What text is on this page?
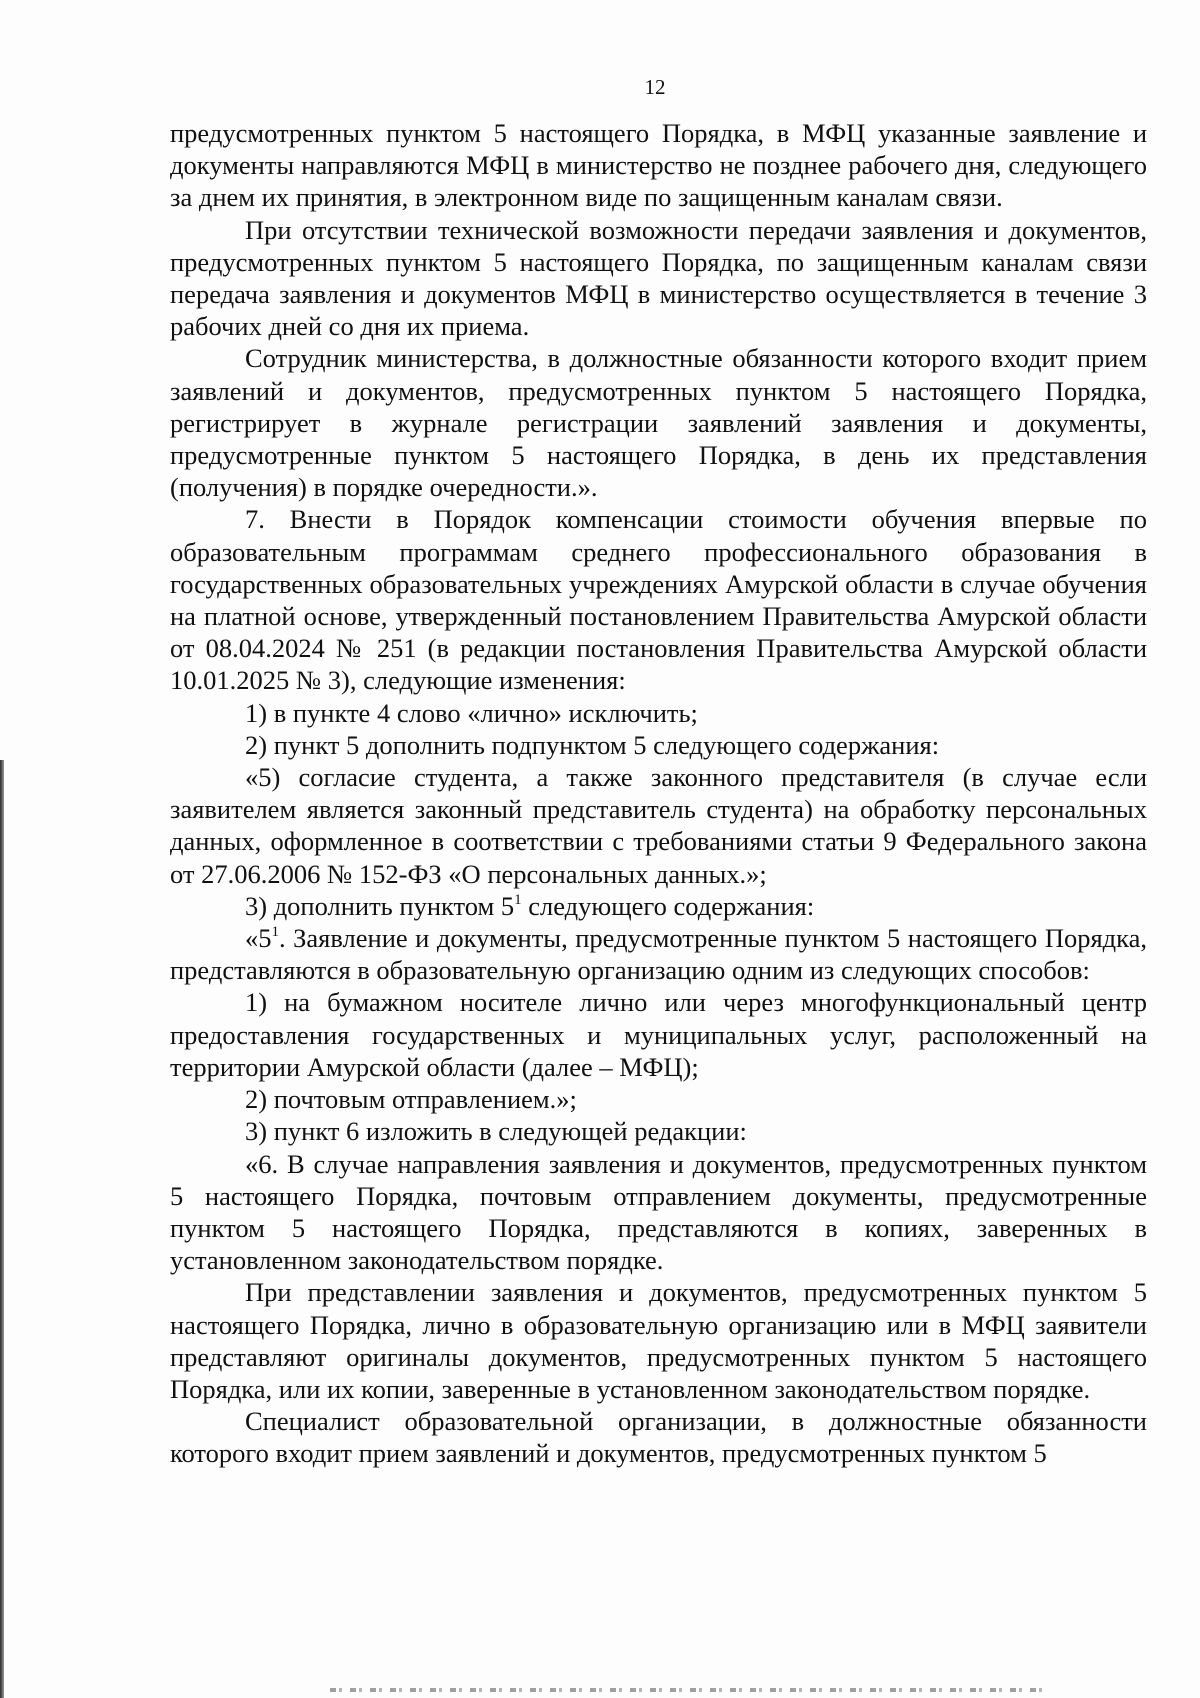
12

предусмотренных пунктом 5 настоящего Порядка, в МФЦ указанные заявление и документы направляются МФЦ в министерство не позднее рабочего дня, следующего за днем их принятия, в электронном виде по защищенным каналам связи.

При отсутствии технической возможности передачи заявления и документов, предусмотренных пунктом 5 настоящего Порядка, по защищенным каналам связи передача заявления и документов МФЦ в министерство осуществляется в течение 3 рабочих дней со дня их приема.

Сотрудник министерства, в должностные обязанности которого входит прием заявлений и документов, предусмотренных пунктом 5 настоящего Порядка, регистрирует в журнале регистрации заявлений заявления и документы, предусмотренные пунктом 5 настоящего Порядка, в день их представления (получения) в порядке очередности.».

7. Внести в Порядок компенсации стоимости обучения впервые по образовательным программам среднего профессионального образования в государственных образовательных учреждениях Амурской области в случае обучения на платной основе, утвержденный постановлением Правительства Амурской области от 08.04.2024 № 251 (в редакции постановления Правительства Амурской области 10.01.2025 № 3), следующие изменения:

1) в пункте 4 слово «лично» исключить;

2) пункт 5 дополнить подпунктом 5 следующего содержания:

«5) согласие студента, а также законного представителя (в случае если заявителем является законный представитель студента) на обработку персональных данных, оформленное в соответствии с требованиями статьи 9 Федерального закона от 27.06.2006 № 152-ФЗ «О персональных данных.»;

3) дополнить пунктом $5^1$ следующего содержания:

«$5^1$. Заявление и документы, предусмотренные пунктом 5 настоящего Порядка, представляются в образовательную организацию одним из следующих способов:

1) на бумажном носителе лично или через многофункциональный центр предоставления государственных и муниципальных услуг, расположенный на территории Амурской области (далее – МФЦ);

2) почтовым отправлением.»;

3) пункт 6 изложить в следующей редакции:

«6. В случае направления заявления и документов, предусмотренных пунктом 5 настоящего Порядка, почтовым отправлением документы, предусмотренные пунктом 5 настоящего Порядка, представляются в копиях, заверенных в установленном законодательством порядке.

При представлении заявления и документов, предусмотренных пунктом 5 настоящего Порядка, лично в образовательную организацию или в МФЦ заявители представляют оригиналы документов, предусмотренных пунктом 5 настоящего Порядка, или их копии, заверенные в установленном законодательством порядке.

Специалист образовательной организации, в должностные обязанности которого входит прием заявлений и документов, предусмотренных пунктом 5
